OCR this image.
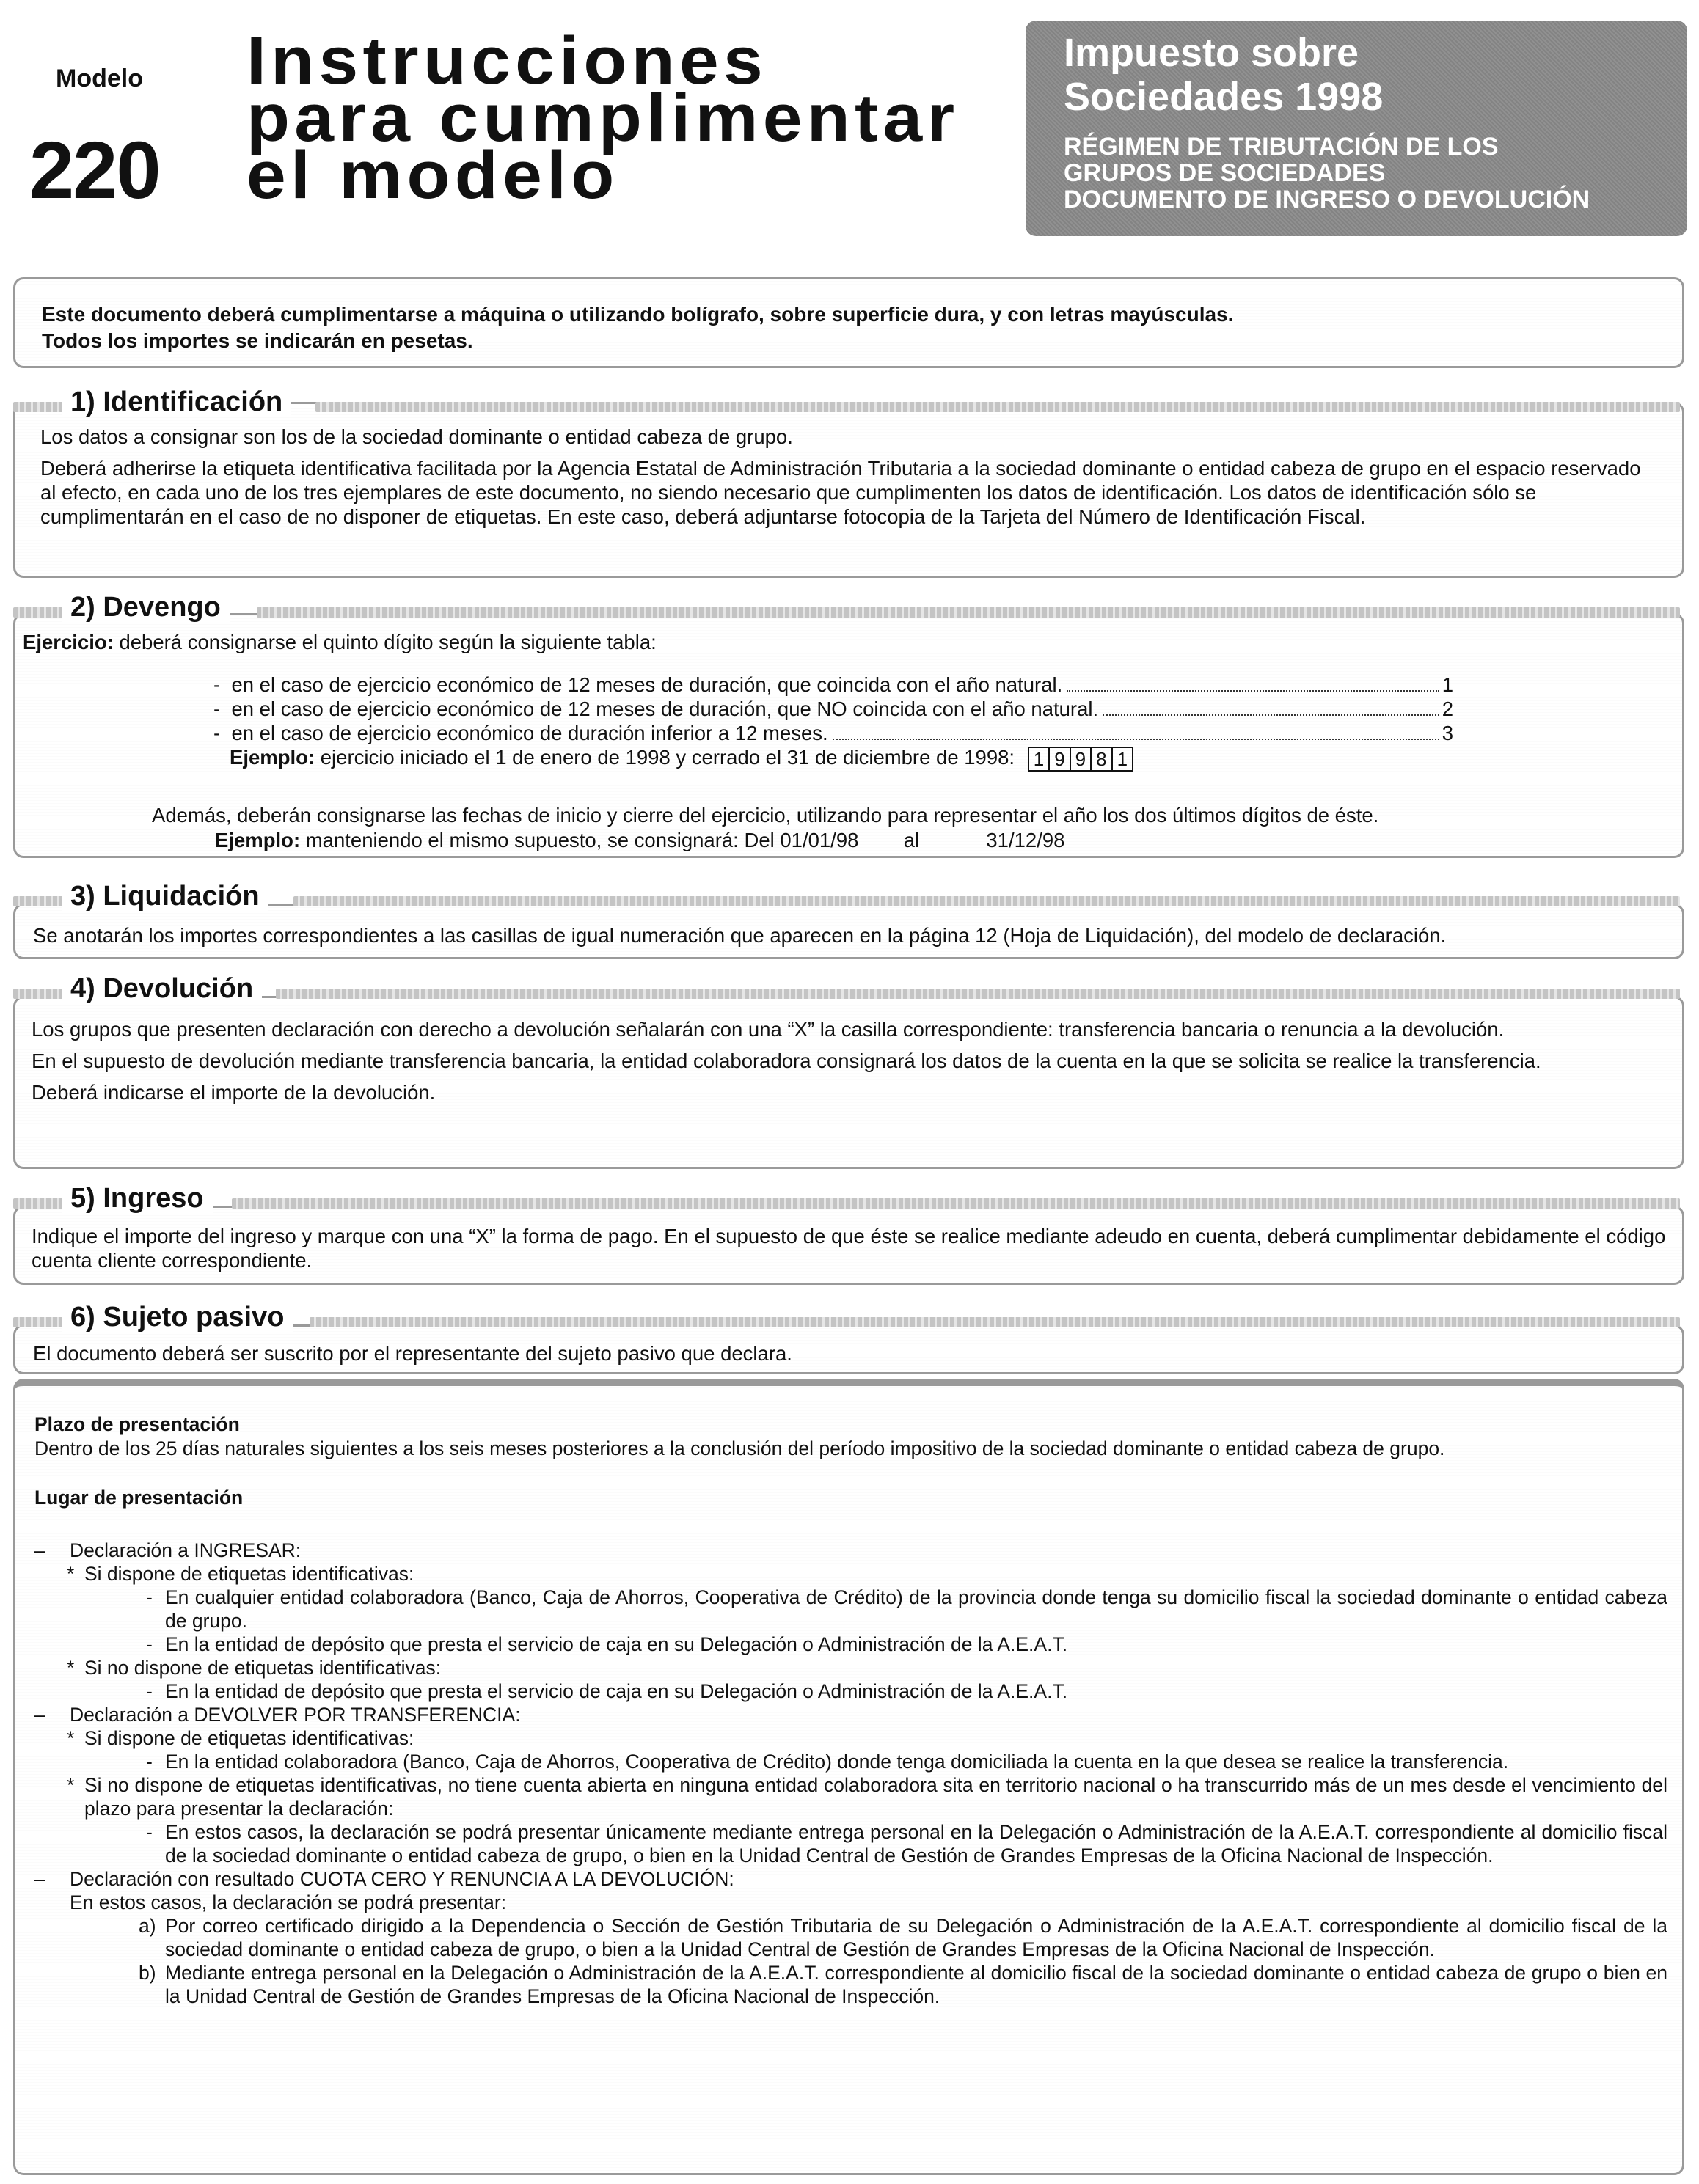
Modelo
220
Instrucciones
para cumplimentar
el modelo
Impuesto sobre
Sociedades 1998
RÉGIMEN DE TRIBUTACIÓN DE LOS
GRUPOS DE SOCIEDADES
DOCUMENTO DE INGRESO O DEVOLUCIÓN
Este documento deberá cumplimentarse a máquina o utilizando bolígrafo, sobre superficie dura, y con letras mayúsculas.
Todos los importes se indicarán en pesetas.

Los datos a consignar son los de la sociedad dominante o entidad cabeza de grupo.

Deberá adherirse la etiqueta identificativa facilitada por la Agencia Estatal de Administración Tributaria a la sociedad dominante o entidad cabeza de grupo en el espacio reservado al efecto, en cada uno de los tres ejemplares de este documento, no siendo necesario que cumplimenten los datos de identificación. Los datos de identificación sólo se cumplimentarán en el caso de no disponer de etiquetas. En este caso, deberá adjuntarse fotocopia de la Tarjeta del Número de Identificación Fiscal.

1) Identificación
Ejercicio: deberá consignarse el quinto dígito según la siguiente tabla:
- en el caso de ejercicio económico de 12 meses de duración, que coincida con el año natural.	1
- en el caso de ejercicio económico de 12 meses de duración, que NO coincida con el año natural.	2
- en el caso de ejercicio económico de duración inferior a 12 meses.	3
Ejemplo: ejercicio iniciado el 1 de enero de 1998 y cerrado el 31 de diciembre de 1998: 1 9 9 8 1
Además, deberán consignarse las fechas de inicio y cierre del ejercicio, utilizando para representar el año los dos últimos dígitos de éste.
Ejemplo: manteniendo el mismo supuesto, se consignará: Del 01/01/98 al	31/12/98
2) Devengo
Se anotarán los importes correspondientes a las casillas de igual numeración que aparecen en la página 12 (Hoja de Liquidación), del modelo de declaración.
3) Liquidación

Los grupos que presenten declaración con derecho a devolución señalarán con una “X” la casilla correspondiente: transferencia bancaria o renuncia a la devolución.

En el supuesto de devolución mediante transferencia bancaria, la entidad colaboradora consignará los datos de la cuenta en la que se solicita se realice la transferencia.

Deberá indicarse el importe de la devolución.

4) Devolución
Indique el importe del ingreso y marque con una “X” la forma de pago. En el supuesto de que éste se realice mediante adeudo en cuenta, deberá cumplimentar debidamente el código cuenta cliente correspondiente.
5) Ingreso
El documento deberá ser suscrito por el representante del sujeto pasivo que declara.
6) Sujeto pasivo
Plazo de presentación
Dentro de los 25 días naturales siguientes a los seis meses posteriores a la conclusión del período impositivo de la sociedad dominante o entidad cabeza de grupo.
Lugar de presentación
– Declaración a INGRESAR:
* Si dispone de etiquetas identificativas:
- En cualquier entidad colaboradora (Banco, Caja de Ahorros, Cooperativa de Crédito) de la provincia donde tenga su domicilio fiscal la sociedad dominante o entidad cabeza de grupo.
- En la entidad de depósito que presta el servicio de caja en su Delegación o Administración de la A.E.A.T.
* Si no dispone de etiquetas identificativas:
- En la entidad de depósito que presta el servicio de caja en su Delegación o Administración de la A.E.A.T.
– Declaración a DEVOLVER POR TRANSFERENCIA:
* Si dispone de etiquetas identificativas:
- En la entidad colaboradora (Banco, Caja de Ahorros, Cooperativa de Crédito) donde tenga domiciliada la cuenta en la que desea se realice la transferencia.
* Si no dispone de etiquetas identificativas, no tiene cuenta abierta en ninguna entidad colaboradora sita en territorio nacional o ha transcurrido más de un mes desde el vencimiento del plazo para presentar la declaración:
- En estos casos, la declaración se podrá presentar únicamente mediante entrega personal en la Delegación o Administración de la A.E.A.T. correspondiente al domicilio fiscal de la sociedad dominante o entidad cabeza de grupo, o bien en la Unidad Central de Gestión de Grandes Empresas de la Oficina Nacional de Inspección.
– Declaración con resultado CUOTA CERO Y RENUNCIA A LA DEVOLUCIÓN:
En estos casos, la declaración se podrá presentar:
a) Por correo certificado dirigido a la Dependencia o Sección de Gestión Tributaria de su Delegación o Administración de la A.E.A.T. correspondiente al domicilio fiscal de la sociedad dominante o entidad cabeza de grupo, o bien a la Unidad Central de Gestión de Grandes Empresas de la Oficina Nacional de Inspección.
b) Mediante entrega personal en la Delegación o Administración de la A.E.A.T. correspondiente al domicilio fiscal de la sociedad dominante o entidad cabeza de grupo o bien en la Unidad Central de Gestión de Grandes Empresas de la Oficina Nacional de Inspección.
